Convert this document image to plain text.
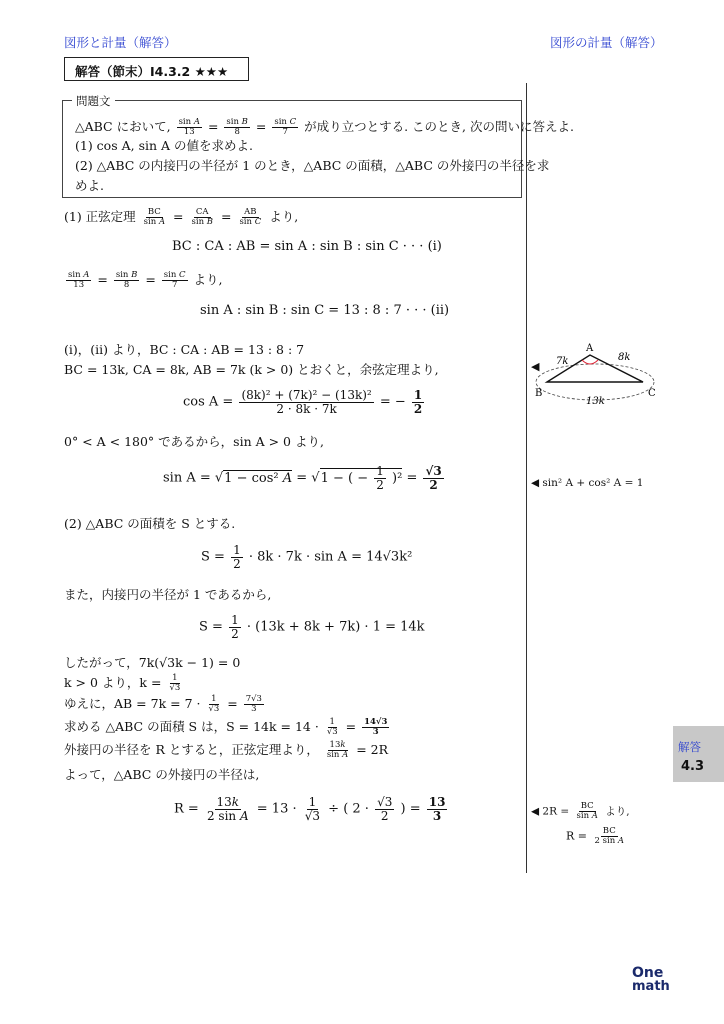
図形と計量（解答）	図形の計量（解答）
解答（節末）I4.3.2 ★★★
問題文
△ABC において, $\frac{\text{sin A}}{13} = \frac{\text{sin B}}{8} = \frac{\text{sin C}}{7}$ が成り立つとする. このとき, 次の問いに答えよ.
(1) cos A, sin A の値を求めよ.
(2) △ABC の内接円の半径が 1 のとき，△ABC の面積，△ABC の外接円の半径を求
めよ.
(1) 正弦定理 $\frac{BC}{\text{sin A}} = \frac{CA}{\text{sin B}} = \frac{AB}{\text{sin C}}$ より,
BC : CA : AB = sin A : sin B : sin C · · · (i)
$\frac{\text{sin A}}{13} = \frac{\text{sin B}}{8} = \frac{\text{sin C}}{7}$ より,
sin A : sin B : sin C = 13 : 8 : 7 · · · (ii)
(i)，(ii) より，BC : CA : AB = 13 : 8 : 7
BC = 13k, CA = 8k, AB = 7k (k > 0) とおくと，余弦定理より,
$\cos A = \frac{\text{(8k)² + (7k)² − (13k)²}}{2 \cdot 8k \cdot 7k}$ = − $\frac{1}{2}$
0° < A < 180° であるから，sin A > 0 より,
sin A = √1 − cos² A = √1 − ( − $\frac{1}{2} )^2 = \frac{√3}{2}$
(2) △ABC の面積を S とする.
$S = \frac{1}{2} \cdot 8k \cdot 7k \cdot \sin A = 14√3k^2$
また，内接円の半径が 1 であるから,
$S = \frac{1}{2} \cdot (13k + 8k + 7k) \cdot 1 = 14k$
したがって，7k(√3k − 1) = 0
k > 0 より，$k = \frac{1}{√3}$
ゆえに，AB = $7k = 7 \cdot \frac{1}{√3} = \frac{7√3}{3}$
求める △ABC の面積 S は，$S = 14k = 14 \cdot \frac{1}{√3} = \frac{14√3}{3}$
外接円の半径を R とすると，正弦定理より， $\frac{13k}{\text{sin A}} = 2R$
よって，△ABC の外接円の半径は,
$R = \frac{13k}{\text{2 sin A}} = 13 \cdot \frac{1}{√3}$ ÷ ( $2 \cdot \frac{√3}{2}$ ) = $\frac{13}{3}$
◀
A
B	C
7k	8k
13k
◀ sin² A + cos² A = 1
◀ $2R = \frac{BC}{\text{sin A}}$ より,
$R = \frac{BC}{\text{2 sin A}}$
解答
4.3
One
math
